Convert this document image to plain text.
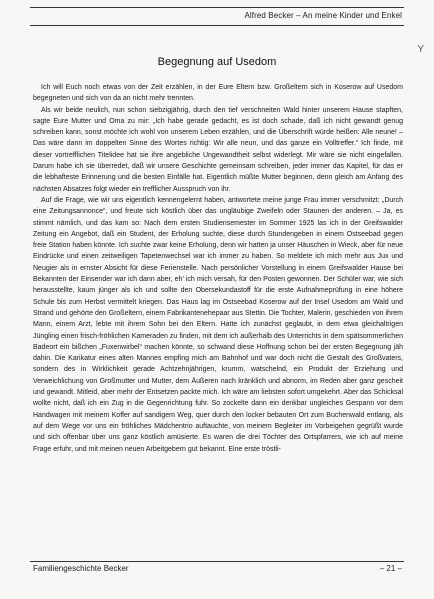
Alfred Becker – An meine Kinder und Enkel
Y
Begegnung auf Usedom

Ich will Euch noch etwas von der Zeit erzählen, in der Eure Eltern bzw. Großeltern sich in Koserow auf Usedom begegneten und sich von da an nicht mehr trennten.

Als wir beide neulich, nun schon siebzigjährig, durch den tief verschneiten Wald hinter unserem Hause stapften, sagte Eure Mutter und Oma zu mir: „Ich habe gerade gedacht, es ist doch schade, daß ich nicht gewandt genug schreiben kann, sonst möchte ich wohl von unserem Leben erzählen, und die Überschrift würde heißen: Alle neune! – Das wäre dann im doppelten Sinne des Wortes richtig: Wir alle neun, und das ganze ein Volltreffer.“ Ich finde, mit dieser vortrefflichen Titelidee hat sie ihre angebliche Ungewandtheit selbst widerlegt. Mir wäre sie nicht eingefallen. Darum habe ich sie überredet, daß wir unsere Geschichte gemeinsam schreiben, jeder immer das Kapitel, für das er die lebhafteste Erinnerung und die besten Einfälle hat. Eigentlich müßte Mutter beginnen, denn gleich am Anfang des nächsten Absatzes folgt wieder ein trefflicher Ausspruch von ihr.

Auf die Frage, wie wir uns eigentlich kennengelernt haben, antwortete meine junge Frau immer verschmitzt: „Durch eine Zeitungsannonce“, und freute sich köstlich über das ungläubige Zweifeln oder Staunen der anderen. – Ja, es stimmt nämlich, und das kam so: Nach dem ersten Studiensemester im Sommer 1925 las ich in der Greifswalder Zeitung ein Angebot, daß ein Student, der Erholung suchte, diese durch Stundengeben in einem Ostseebad gegen freie Station haben könnte. Ich suchte zwar keine Erholung, denn wir hatten ja unser Häuschen in Wieck, aber für neue Eindrücke und einen zeitweiligen Tapetenwechsel war ich immer zu haben. So meldete ich mich mehr aus Jux und Neugier als in ernster Absicht für diese Ferienstelle. Nach persönlicher Vorstellung in einem Greifswalder Hause bei Bekannten der Einsender war ich dann aber, eh’ ich mich versah, für den Posten gewonnen. Der Schüler war, wie sich herausstellte, kaum jünger als ich und sollte den Obersekundastoff für die erste Aufnahmeprüfung in eine höhere Schule bis zum Herbst vermittelt kriegen. Das Haus lag im Ostseebad Koserow auf der Insel Usedom am Wald und Strand und gehörte den Großeltern, einem Fabrikantenehepaar aus Stettin. Die Tochter, Malerin, geschieden von ihrem Mann, einem Arzt, lebte mit ihrem Sohn bei den Eltern. Hatte ich zunächst geglaubt, in dem etwa gleichaltrigen Jüngling einen frisch-fröhlichen Kameraden zu finden, mit dem ich außerhalb des Unterrichts in dem spätsommerlichen Badeort ein bißchen „Fuxenwirbel“ machen könnte, so schwand diese Hoffnung schon bei der ersten Begegnung jäh dahin. Die Karikatur eines alten Mannes empfing mich am Bahnhof und war doch nicht die Gestalt des Großvaters, sondern des in Wirklichkeit gerade Achtzehnjährigen, krumm, watschelnd, ein Produkt der Erziehung und Verweichlichung von Großmutter und Mutter, dem Äußeren nach kränklich und abnorm, im Reden aber ganz gescheit und gewandt. Mitleid, aber mehr der Entsetzen packte mich. Ich wäre am liebsten sofort umgekehrt. Aber das Schicksal wollte nicht, daß ich ein Zug in die Gegenrichtung fuhr. So zockelte dann ein denkbar ungleiches Gespann vor dem Handwagen mit meinem Koffer auf sandigem Weg, quer durch den locker bebauten Ort zum Buchenwald entlang, als auf dem Wege vor uns ein fröhliches Mädchentrio auftauchte, von meinem Begleiter im Vorbeigehen gegrüßt wurde und sich offenbar über uns ganz köstlich amüsierte. Es waren die drei Töchter des Ortspfarrers, wie ich auf meine Frage erfuhr, und mit meinen neuen Arbeitgebern gut bekannt. Eine erste tröstli-

Familiengeschichte Becker	– 21 –
